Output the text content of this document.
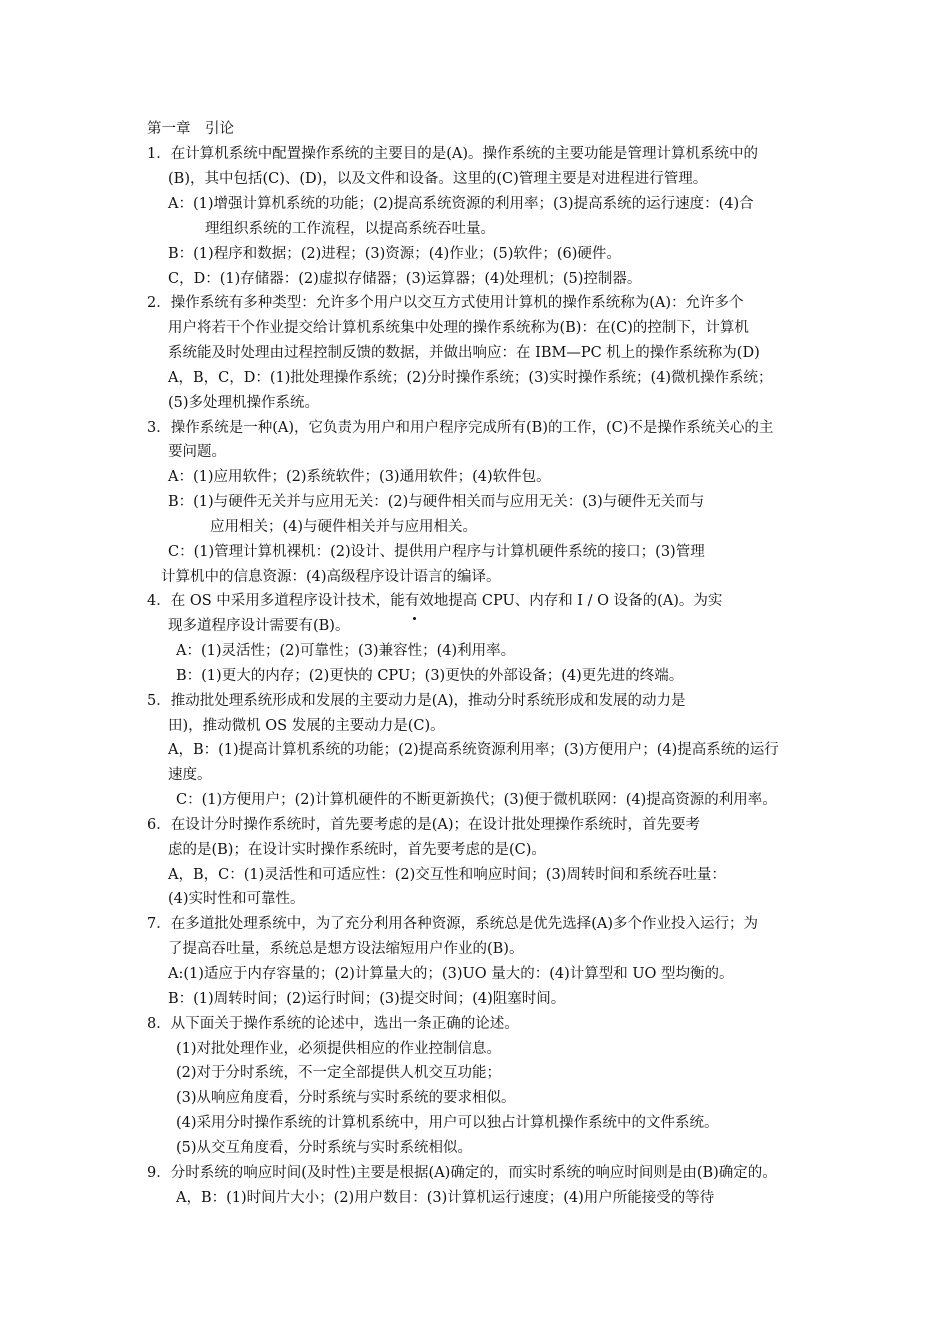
第一章　引论
1．在计算机系统中配置操作系统的主要目的是(A)。操作系统的主要功能是管理计算机系统中的
(B)，其中包括(C)、(D)，以及文件和设备。这里的(C)管理主要是对进程进行管理。
A：(1)增强计算机系统的功能；(2)提高系统资源的利用率；(3)提高系统的运行速度：(4)合
理组织系统的工作流程，以提高系统吞吐量。
B：(1)程序和数据；(2)进程；(3)资源；(4)作业；(5)软件；(6)硬件。
C，D：(1)存储器：(2)虚拟存储器；(3)运算器；(4)处理机；(5)控制器。
2．操作系统有多种类型：允许多个用户以交互方式使用计算机的操作系统称为(A)：允许多个
用户将若干个作业提交给计算机系统集中处理的操作系统称为(B)：在(C)的控制下，计算机
系统能及时处理由过程控制反馈的数据，并做出响应：在 IBM—PC 机上的操作系统称为(D)
A，B，C，D：(1)批处理操作系统；(2)分时操作系统；(3)实时操作系统；(4)微机操作系统；
(5)多处理机操作系统。
3．操作系统是一种(A)，它负责为用户和用户程序完成所有(B)的工作，(C)不是操作系统关心的主
要问题。
A：(1)应用软件；(2)系统软件；(3)通用软件；(4)软件包。
B：(1)与硬件无关并与应用无关：(2)与硬件相关而与应用无关：(3)与硬件无关而与
应用相关；(4)与硬件相关并与应用相关。
C：(1)管理计算机裸机：(2)设计、提供用户程序与计算机硬件系统的接口；(3)管理
计算机中的信息资源：(4)高级程序设计语言的编译。
4．在 OS 中采用多道程序设计技术，能有效地提高 CPU、内存和 I / O 设备的(A)。为实
现多道程序设计需要有(B)。
A：(1)灵活性；(2)可靠性；(3)兼容性；(4)利用率。
B：(1)更大的内存；(2)更快的 CPU；(3)更快的外部设备；(4)更先进的终端。
5．推动批处理系统形成和发展的主要动力是(A)，推动分时系统形成和发展的动力是
田)，推动微机 OS 发展的主要动力是(C)。
A，B：(1)提高计算机系统的功能；(2)提高系统资源利用率；(3)方便用户；(4)提高系统的运行
速度。
C：(1)方便用户；(2)计算机硬件的不断更新换代；(3)便于微机联网：(4)提高资源的利用率。
6．在设计分时操作系统时，首先要考虑的是(A)；在设计批处理操作系统时，首先要考
虑的是(B)；在设计实时操作系统时，首先要考虑的是(C)。
A，B，C：(1)灵活性和可适应性：(2)交互性和响应时间；(3)周转时间和系统吞吐量：
(4)实时性和可靠性。
7．在多道批处理系统中，为了充分利用各种资源，系统总是优先选择(A)多个作业投入运行；为
了提高吞吐量，系统总是想方设法缩短用户作业的(B)。
A:(1)适应于内存容量的；(2)计算量大的；(3)UO 量大的：(4)计算型和 UO 型均衡的。
B：(1)周转时间；(2)运行时间；(3)提交时间；(4)阻塞时间。
8．从下面关于操作系统的论述中，选出一条正确的论述。
(1)对批处理作业，必须提供相应的作业控制信息。
(2)对于分时系统，不一定全部提供人机交互功能；
(3)从响应角度看，分时系统与实时系统的要求相似。
(4)采用分时操作系统的计算机系统中，用户可以独占计算机操作系统中的文件系统。
(5)从交互角度看，分时系统与实时系统相似。
9．分时系统的响应时间(及时性)主要是根据(A)确定的，而实时系统的响应时间则是由(B)确定的。
A，B：(1)时间片大小；(2)用户数目：(3)计算机运行速度；(4)用户所能接受的等待
